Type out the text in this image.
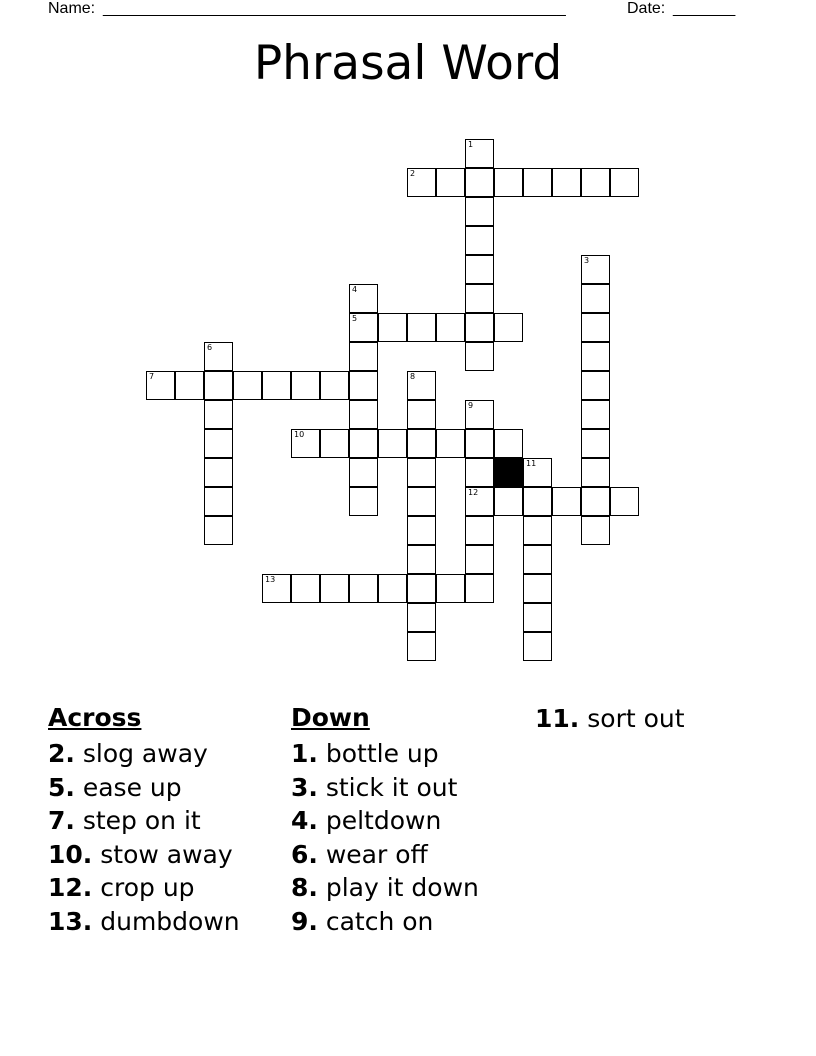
Name: ____________________________________________________	Date: _______
Phrasal Word
1
2
3
4
5
6
7	8
9
12
10
11
13
Across
2. slog away
5. ease up
7. step on it
10. stow away
12. crop up
13. dumbdown
Down
1. bottle up
3. stick it out
4. peltdown
6. wear off
8. play it down
9. catch on
11. sort out
